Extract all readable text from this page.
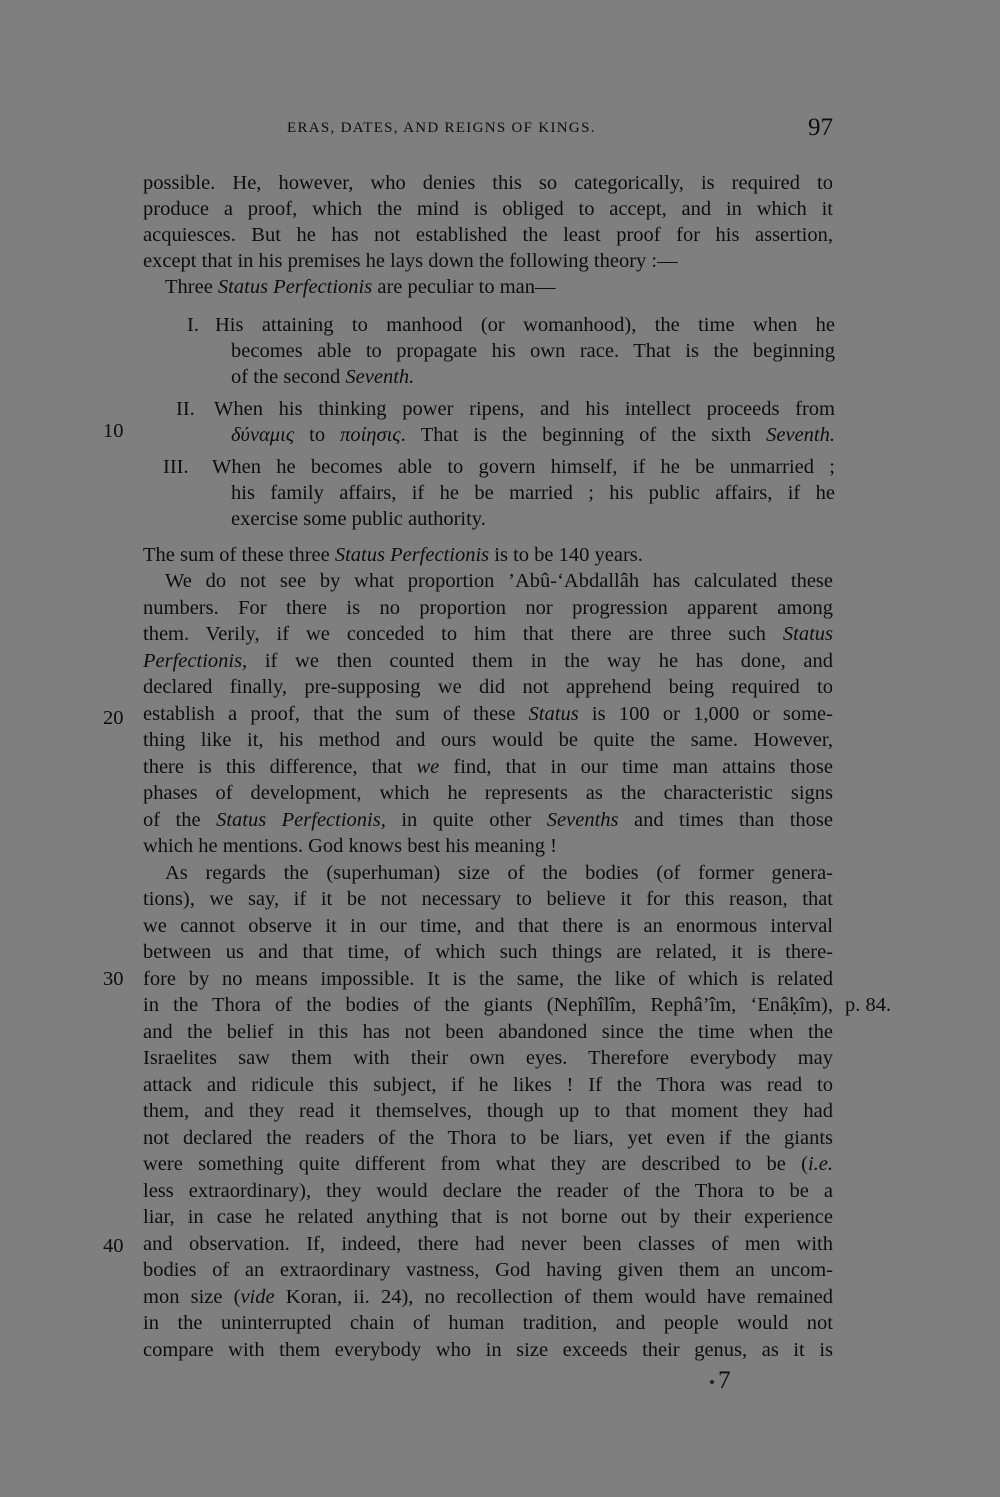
ERAS, DATES, AND REIGNS OF KINGS.	97
possible. He, however, who denies this so categorically, is required to
produce a proof, which the mind is obliged to accept, and in which it
acquiesces. But he has not established the least proof for his assertion,
except that in his premises he lays down the following theory :—
Three Status Perfectionis are peculiar to man—
I. His attaining to manhood (or womanhood), the time when he
becomes able to propagate his own race. That is the beginning
of the second Seventh.
II. When his thinking power ripens, and his intellect proceeds from
10	δύναμις to ποίησις. That is the beginning of the sixth Seventh.
III. When he becomes able to govern himself, if he be unmarried ;
his family affairs, if he be married ; his public affairs, if he
exercise some public authority.
The sum of these three Status Perfectionis is to be 140 years.
We do not see by what proportion ’Abû-‘Abdallâh has calculated these
numbers. For there is no proportion nor progression apparent among
them. Verily, if we conceded to him that there are three such Status
Perfectionis, if we then counted them in the way he has done, and
declared finally, pre-supposing we did not apprehend being required to
20 establish a proof, that the sum of these Status is 100 or 1,000 or some-
thing like it, his method and ours would be quite the same. However,
there is this difference, that we find, that in our time man attains those
phases of development, which he represents as the characteristic signs
of the Status Perfectionis, in quite other Sevenths and times than those
which he mentions. God knows best his meaning !
As regards the (superhuman) size of the bodies (of former genera-
tions), we say, if it be not necessary to believe it for this reason, that
we cannot observe it in our time, and that there is an enormous interval
between us and that time, of which such things are related, it is there-
30 fore by no means impossible. It is the same, the like of which is related
in the Thora of the bodies of the giants (Nephîlîm, Rephâ’îm, ‘Enâḳîm), p. 84.
and the belief in this has not been abandoned since the time when the
Israelites saw them with their own eyes. Therefore everybody may
attack and ridicule this subject, if he likes ! If the Thora was read to
them, and they read it themselves, though up to that moment they had
not declared the readers of the Thora to be liars, yet even if the giants
were something quite different from what they are described to be (i.e.
less extraordinary), they would declare the reader of the Thora to be a
liar, in case he related anything that is not borne out by their experience
40 and observation. If, indeed, there had never been classes of men with
bodies of an extraordinary vastness, God having given them an uncom-
mon size (vide Koran, ii. 24), no recollection of them would have remained
in the uninterrupted chain of human tradition, and people would not
compare with them everybody who in size exceeds their genus, as it is
7
